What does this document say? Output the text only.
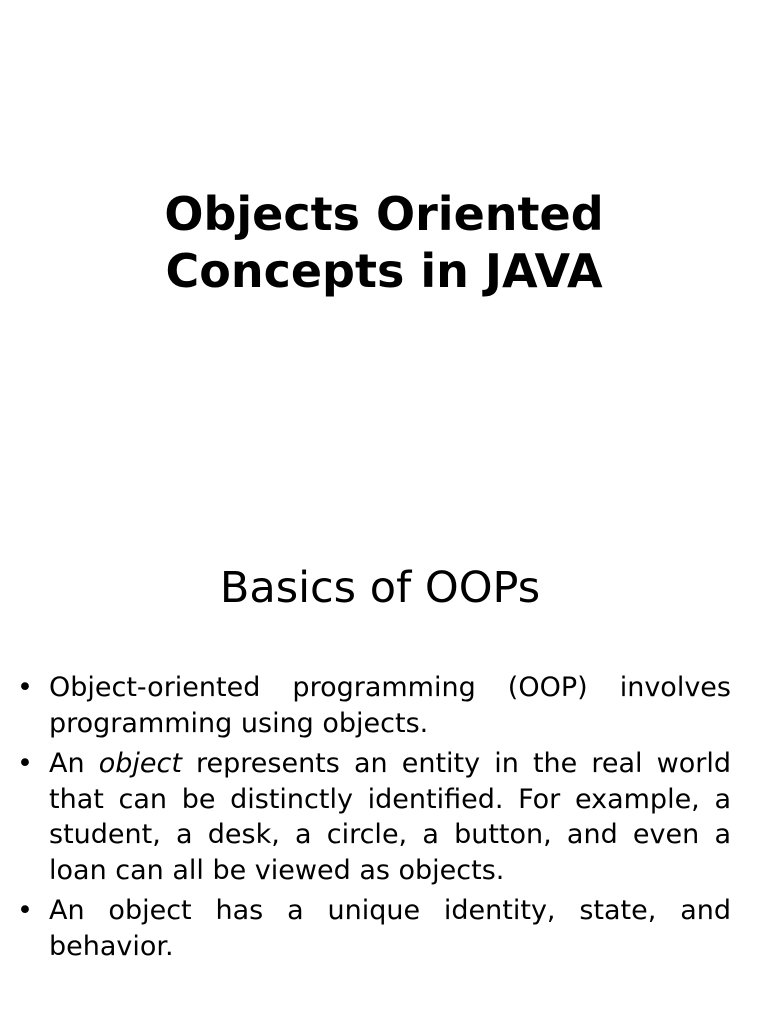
Objects Oriented
Concepts in JAVA
Basics of OOPs
• Object-oriented programming (OOP) involves programming using objects.
• An object represents an entity in the real world that can be distinctly identified. For example, a student, a desk, a circle, a button, and even a loan can all be viewed as objects.
• An object has a unique identity, state, and behavior.
